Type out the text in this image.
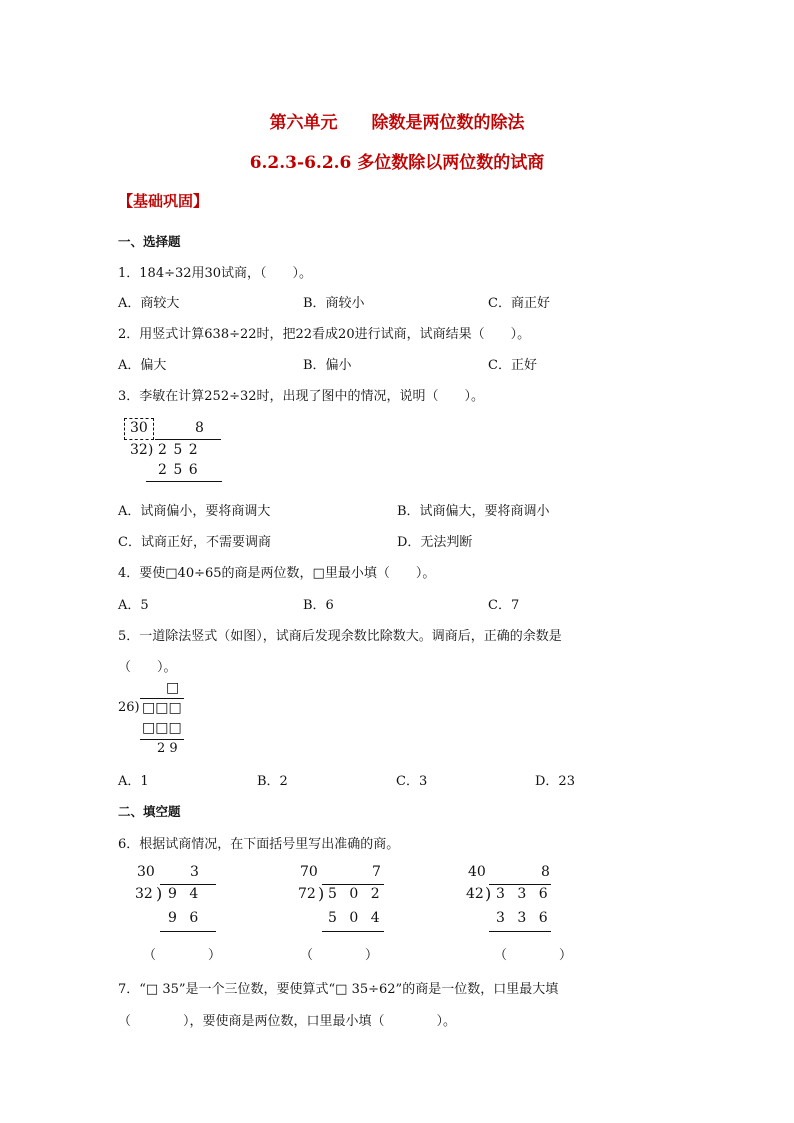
第六单元 除数是两位数的除法
6.2.3-6.2.6 多位数除以两位数的试商
【基础巩固】
一、选择题
1．184÷32用30试商，（　　）。
A．商较大	B．商较小	C．商正好
2．用竖式计算638÷22时，把22看成20进行试商，试商结果（　　）。
A．偏大	B．偏小	C．正好
3．李敏在计算252÷32时，出现了图中的情况，说明（　　）。
30	8
32) 2 5 2
2 5 6
A．试商偏小，要将商调大	B．试商偏大，要将商调小
C．试商正好，不需要调商	D．无法判断
4．要使□40÷65的商是两位数，□里最小填（　　）。
A．5	B．6	C．7
5．一道除法竖式（如图），试商后发现余数比除数大。调商后，正确的余数是
（　　）。
□
26) □□□
□□□
2 9
A．1	B．2	C．3	D．23
二、填空题
6．根据试商情况，在下面括号里写出准确的商。
30	3
32 ) 9 4
9 6
（　　　　）
70	7
72 ) 5 0 2
5 0 4
（　　　　）
40	8
42 ) 3 3 6
3 3 6
（　　　　）
7．“□ 35”是一个三位数，要使算式“□ 35÷62”的商是一位数，口里最大填
（　　　　），要使商是两位数，口里最小填（　　　　）。
